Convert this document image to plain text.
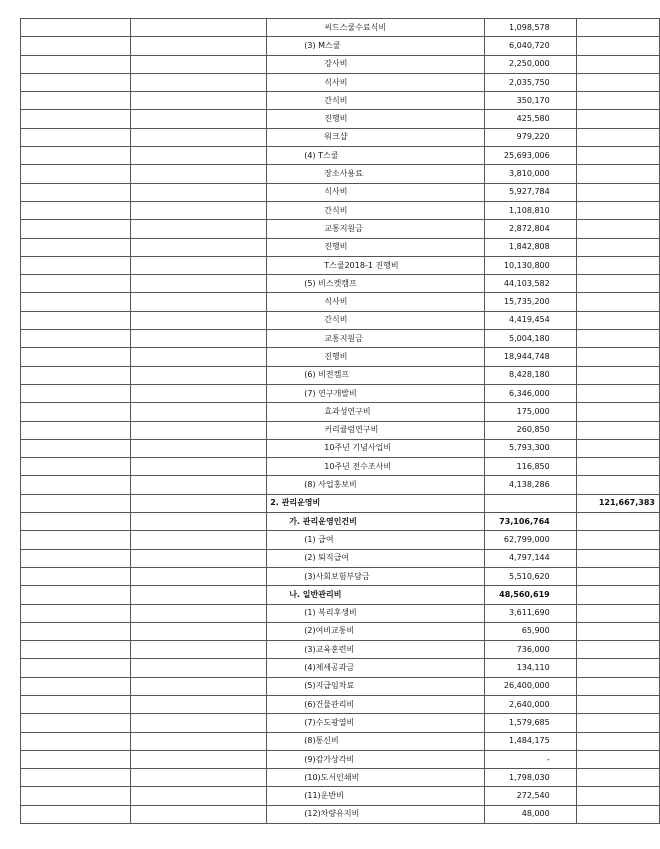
		씨드스쿨수료식비	1,098,578	
		(3) M스쿨	6,040,720	
		강사비	2,250,000	
		식사비	2,035,750	
		간식비	350,170	
		진행비	425,580	
		워크샵	979,220	
		(4) T스쿨	25,693,006	
		장소사용료	3,810,000	
		식사비	5,927,784	
		간식비	1,108,810	
		교통지원금	2,872,804	
		진행비	1,842,808	
		T스쿨2018-1 진행비	10,130,800	
		(5) 비스켓캠프	44,103,582	
		식사비	15,735,200	
		간식비	4,419,454	
		교통지원금	5,004,180	
		진행비	18,944,748	
		(6) 비전캠프	8,428,180	
		(7) 연구개발비	6,346,000	
		효과성연구비	175,000	
		커리큘럼연구비	260,850	
		10주년 기념사업비	5,793,300	
		10주년 전수조사비	116,850	
		(8) 사업홍보비	4,138,286	
		2. 관리운영비		121,667,383
		가. 관리운영인건비	73,106,764	
		(1) 급여	62,799,000	
		(2) 퇴직급여	4,797,144	
		(3)사회보험부담금	5,510,620	
		나. 일반관리비	48,560,619	
		(1) 복리후생비	3,611,690	
		(2)여비교통비	65,900	
		(3)교육훈련비	736,000	
		(4)제세공과금	134,110	
		(5)지급임차료	26,400,000	
		(6)건물관리비	2,640,000	
		(7)수도광열비	1,579,685	
		(8)통신비	1,484,175	
		(9)감가상각비	-	
		(10)도서인쇄비	1,798,030	
		(11)운반비	272,540	
		(12)차량유지비	48,000	
